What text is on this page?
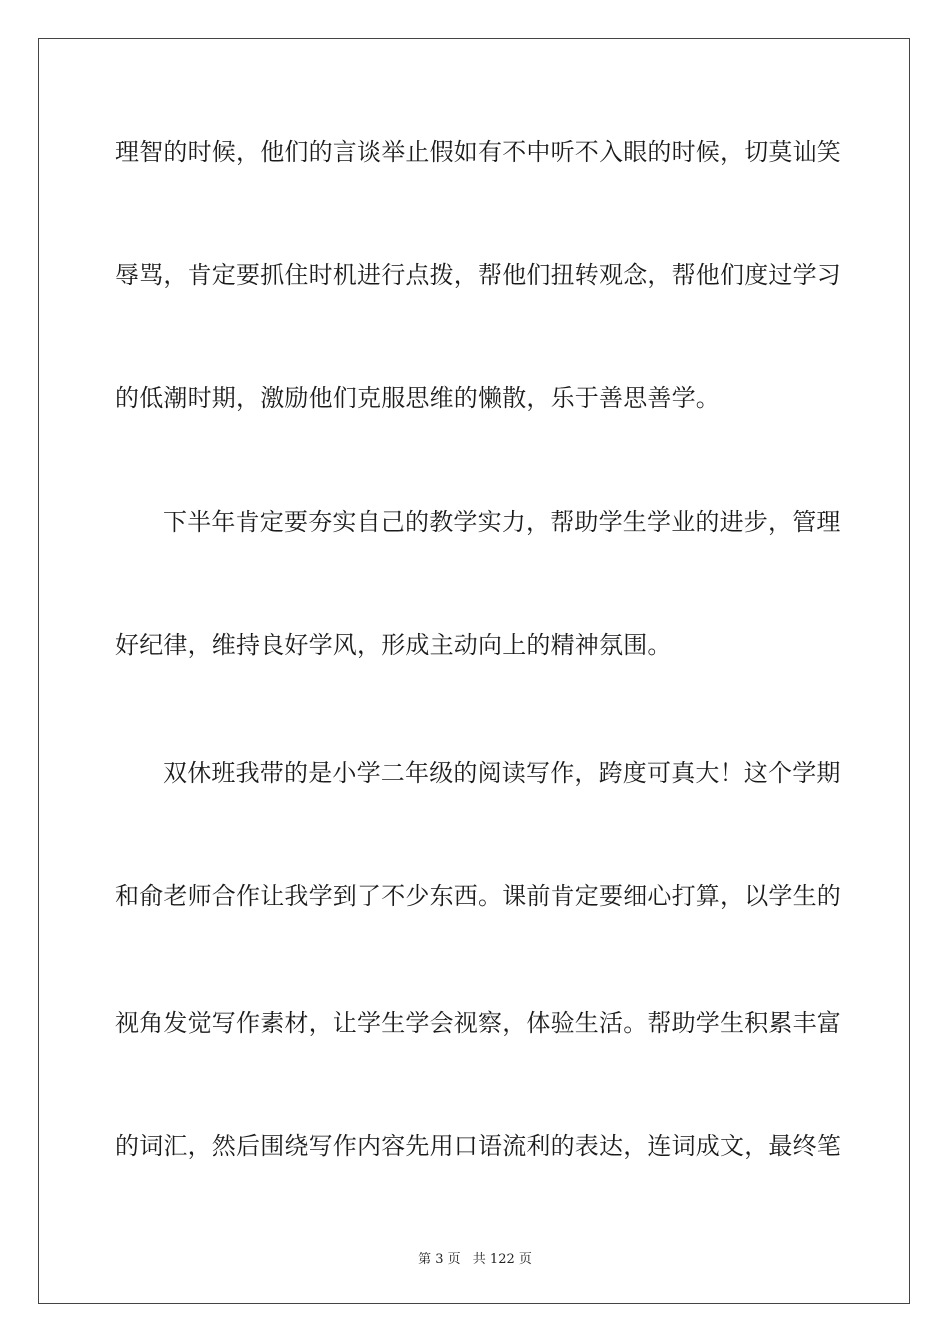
理智的时候，他们的言谈举止假如有不中听不入眼的时候，切莫讪笑
辱骂，肯定要抓住时机进行点拨，帮他们扭转观念，帮他们度过学习
的低潮时期，激励他们克服思维的懒散，乐于善思善学。
下半年肯定要夯实自己的教学实力，帮助学生学业的进步，管理
好纪律，维持良好学风，形成主动向上的精神氛围。
双休班我带的是小学二年级的阅读写作，跨度可真大！这个学期
和俞老师合作让我学到了不少东西。课前肯定要细心打算，以学生的
视角发觉写作素材，让学生学会视察，体验生活。帮助学生积累丰富
的词汇，然后围绕写作内容先用口语流利的表达，连词成文，最终笔
第 3 页 共 122 页
